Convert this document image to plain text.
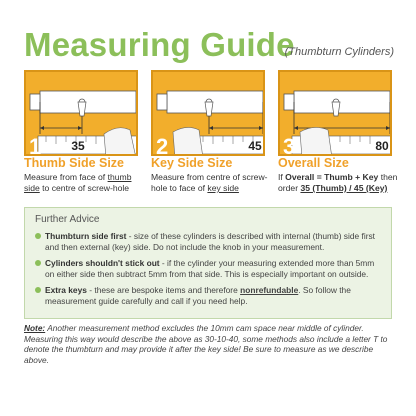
Measuring Guide
(Thumbturn Cylinders)
1	35	2	45 3	80
Thumb Side Size
Measure from face of thumb side to centre of screw-hole
Key Side Size
Measure from centre of screw-hole to face of key side
Overall Size
If Overall = Thumb + Key then order 35 (Thumb) / 45 (Key)
Further Advice
Thumbturn side first - size of these cylinders is described with internal (thumb) side first and then external (key) side. Do not include the knob in your measurement.
Cylinders shouldn't stick out - if the cylinder your measuring extended more than 5mm on either side then subtract 5mm from that side. This is especially important on outside.
Extra keys - these are bespoke items and therefore nonrefundable. So follow the measurement guide carefully and call if you need help.
Note: Another measurement method excludes the 10mm cam space near middle of cylinder. Measuring this way would describe the above as 30-10-40, some methods also include a letter T to denote the thumbturn and may provide it after the key side! Be sure to measure as we describe above.
